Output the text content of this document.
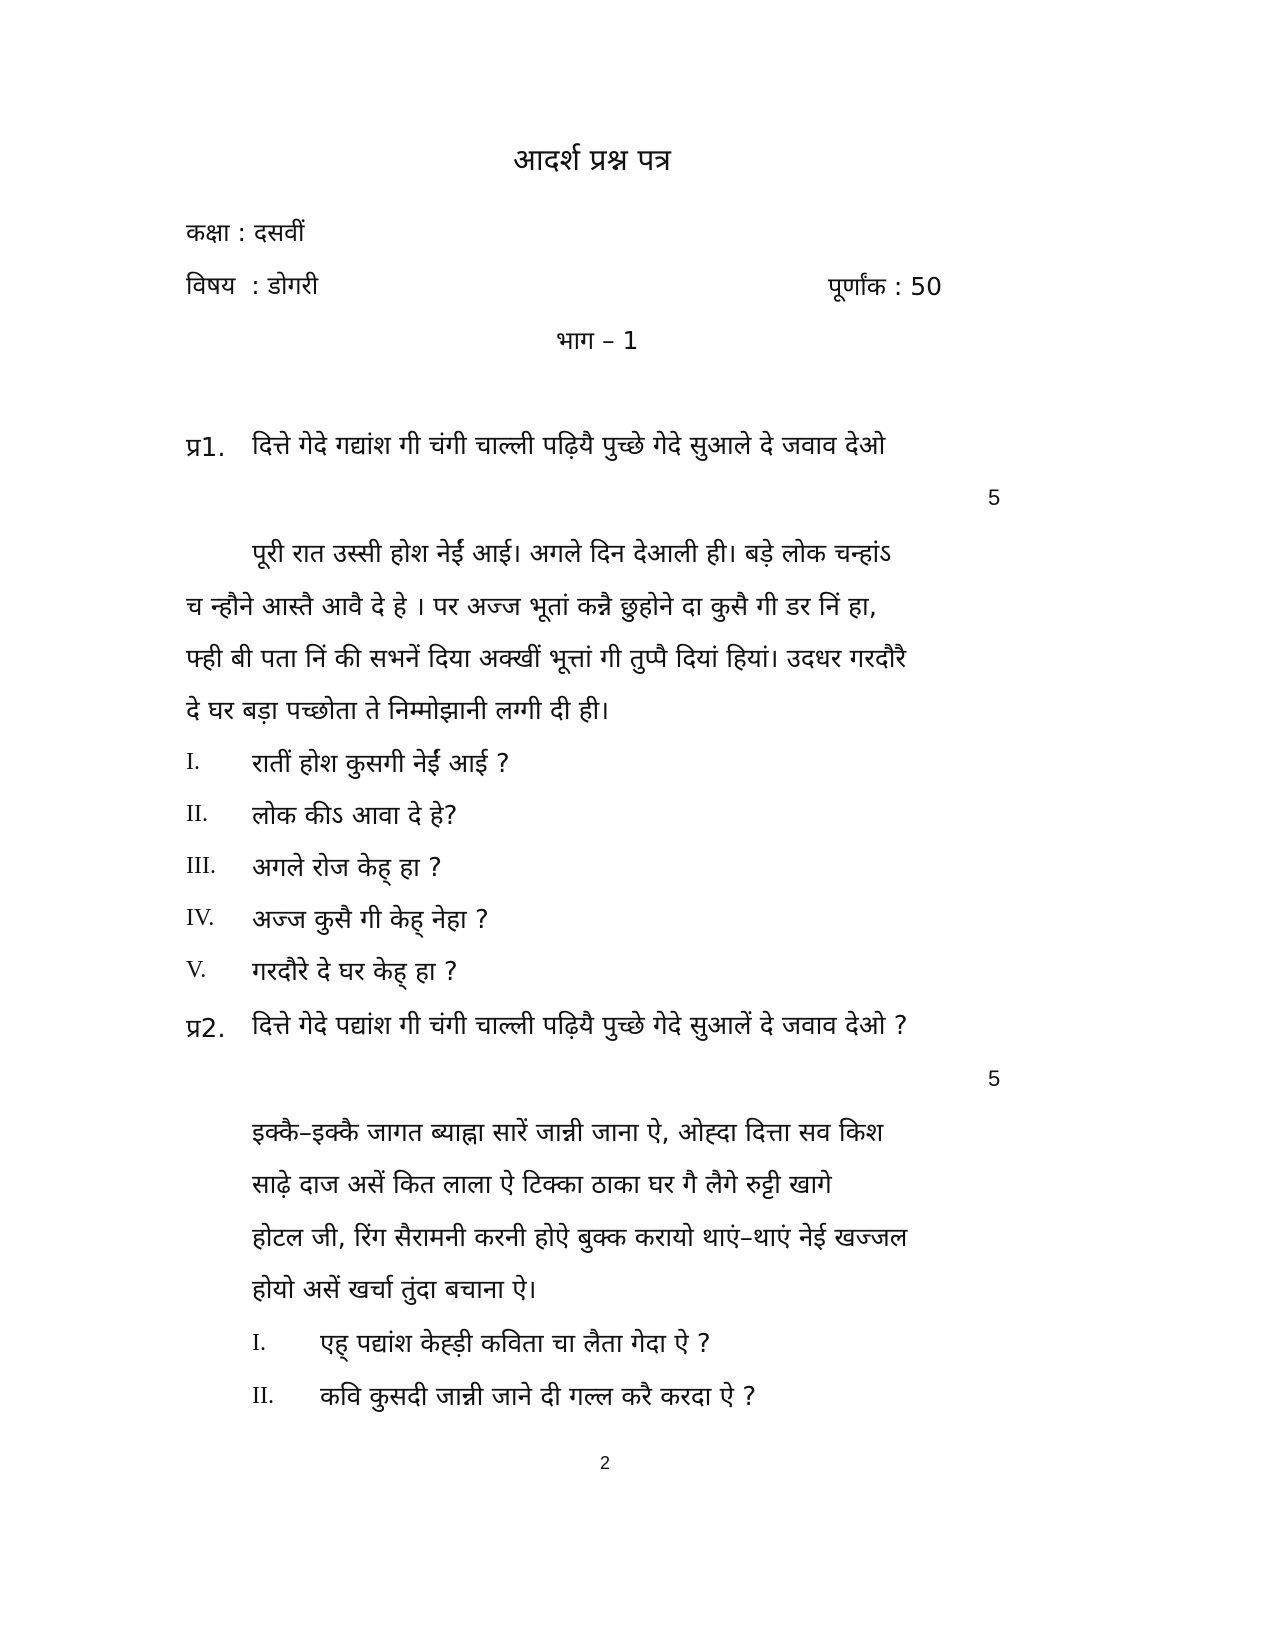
आदर्श प्रश्न पत्र
कक्षा : दसवीं
विषय  : डोगरी	पूर्णांक : 50
भाग – 1
प्र1. दित्ते गेदे गद्यांश गी चंगी चाल्ली पढ़ियै पुच्छे गेदे सुआले दे जवाव देओ
5
पूरी रात उस्सी होश नेईं आई। अगले दिन देआली ही। बड़े लोक चन्हांऽ
च न्हौने आस्तै आवै दे हे । पर अज्ज भूतां कन्नै छुहोने दा कुसै गी डर निं हा,
फ्ही बी पता निं की सभनें दिया अक्खीं भूत्तां गी तुप्पै दियां हियां। उदधर गरदौरै
दे घर बड़ा पच्छोता ते निम्मोझानी लग्गी दी ही।
I. रातीं होश कुसगी नेईं आई ?
II. लोक कीऽ आवा दे हे?
III. अगले रोज केह् हा ?
IV. अज्ज कुसै गी केह् नेहा ?
V. गरदौरे दे घर केह् हा ?
प्र2. दित्ते गेदे पद्यांश गी चंगी चाल्ली पढ़ियै पुच्छे गेदे सुआलें दे जवाव देओ ?
5
इक्कै–इक्कै जागत ब्याह्ना सारें जान्नी जाना ऐ, ओह्दा दित्ता सव किश
साढ़े दाज असें कित लाला ऐ टिक्का ठाका घर गै लैगे रुट्टी खागे
होटल जी, रिंग सैरामनी करनी होऐ बुक्क करायो थाएं–थाएं नेई खज्जल
होयो असें खर्चा तुंदा बचाना ऐ।
I. एह् पद्यांश केह्ड़ी कविता चा लैता गेदा ऐ ?
II. कवि कुसदी जान्नी जाने दी गल्ल करै करदा ऐ ?
2
